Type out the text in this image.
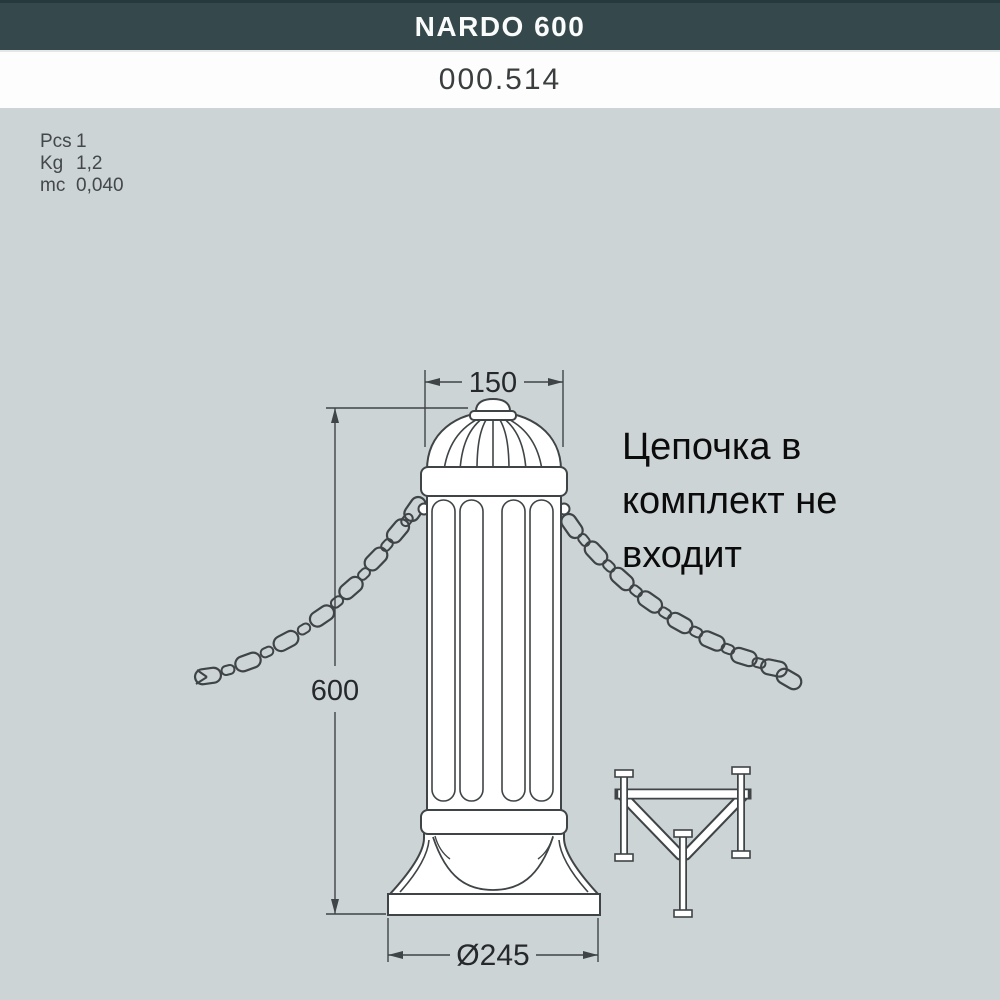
NARDO 600
000.514
Pcs 1
Kg 1,2
mc 0,040
150
600
Ø245
Цепочка в
комплект не
входит
